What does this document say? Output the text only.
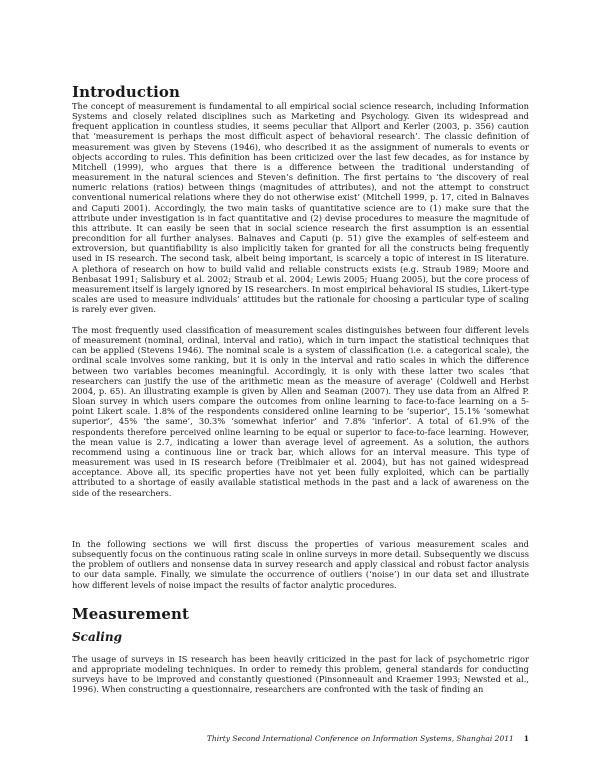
Introduction

The concept of measurement is fundamental to all empirical social science research, including Information Systems and closely related disciplines such as Marketing and Psychology. Given its widespread and frequent application in countless studies, it seems peculiar that Allport and Kerler (2003, p. 356) caution that ‘measurement is perhaps the most difficult aspect of behavioral research’. The classic definition of measurement was given by Stevens (1946), who described it as the assignment of numerals to events or objects according to rules. This definition has been criticized over the last few decades, as for instance by Mitchell (1999), who argues that there is a difference between the traditional understanding of measurement in the natural sciences and Steven’s definition. The first pertains to ‘the discovery of real numeric relations (ratios) between things (magnitudes of attributes), and not the attempt to construct conventional numerical relations where they do not otherwise exist’ (Mitchell 1999, p. 17, cited in Balnaves and Caputi 2001). Accordingly, the two main tasks of quantitative science are to (1) make sure that the attribute under investigation is in fact quantitative and (2) devise procedures to measure the magnitude of this attribute. It can easily be seen that in social science research the first assumption is an essential precondition for all further analyses. Balnaves and Caputi (p. 51) give the examples of self-esteem and extroversion, but quantifiability is also implicitly taken for granted for all the constructs being frequently used in IS research. The second task, albeit being important, is scarcely a topic of interest in IS literature. A plethora of research on how to build valid and reliable constructs exists (e.g. Straub 1989; Moore and Benbasat 1991; Salisbury et al. 2002; Straub et al. 2004; Lewis 2005; Huang 2005), but the core process of measurement itself is largely ignored by IS researchers. In most empirical behavioral IS studies, Likert-type scales are used to measure individuals’ attitudes but the rationale for choosing a particular type of scaling is rarely ever given.

The most frequently used classification of measurement scales distinguishes between four different levels of measurement (nominal, ordinal, interval and ratio), which in turn impact the statistical techniques that can be applied (Stevens 1946). The nominal scale is a system of classification (i.e. a categorical scale), the ordinal scale involves some ranking, but it is only in the interval and ratio scales in which the difference between two variables becomes meaningful. Accordingly, it is only with these latter two scales ‘that researchers can justify the use of the arithmetic mean as the measure of average’ (Coldwell and Herbst 2004, p. 65). An illustrating example is given by Allen and Seaman (2007). They use data from an Alfred P. Sloan survey in which users compare the outcomes from online learning to face-to-face learning on a 5-point Likert scale. 1.8% of the respondents considered online learning to be ‘superior’, 15.1% ‘somewhat superior’, 45% ‘the same’, 30.3% ‘somewhat inferior’ and 7.8% ‘inferior’. A total of 61.9% of the respondents therefore perceived online learning to be equal or superior to face-to-face learning. However, the mean value is 2.7, indicating a lower than average level of agreement. As a solution, the authors recommend using a continuous line or track bar, which allows for an interval measure. This type of measurement was used in IS research before (Treiblmaier et al. 2004), but has not gained widespread acceptance. Above all, its specific properties have not yet been fully exploited, which can be partially attributed to a shortage of easily available statistical methods in the past and a lack of awareness on the side of the researchers.

In the following sections we will first discuss the properties of various measurement scales and subsequently focus on the continuous rating scale in online surveys in more detail. Subsequently we discuss the problem of outliers and nonsense data in survey research and apply classical and robust factor analysis to our data sample. Finally, we simulate the occurrence of outliers (‘noise’) in our data set and illustrate how different levels of noise impact the results of factor analytic procedures.

Measurement
Scaling

The usage of surveys in IS research has been heavily criticized in the past for lack of psychometric rigor and appropriate modeling techniques. In order to remedy this problem, general standards for conducting surveys have to be improved and constantly questioned (Pinsonneault and Kraemer 1993; Newsted et al., 1996). When constructing a questionnaire, researchers are confronted with the task of finding an

Thirty Second International Conference on Information Systems, Shanghai 2011 1
